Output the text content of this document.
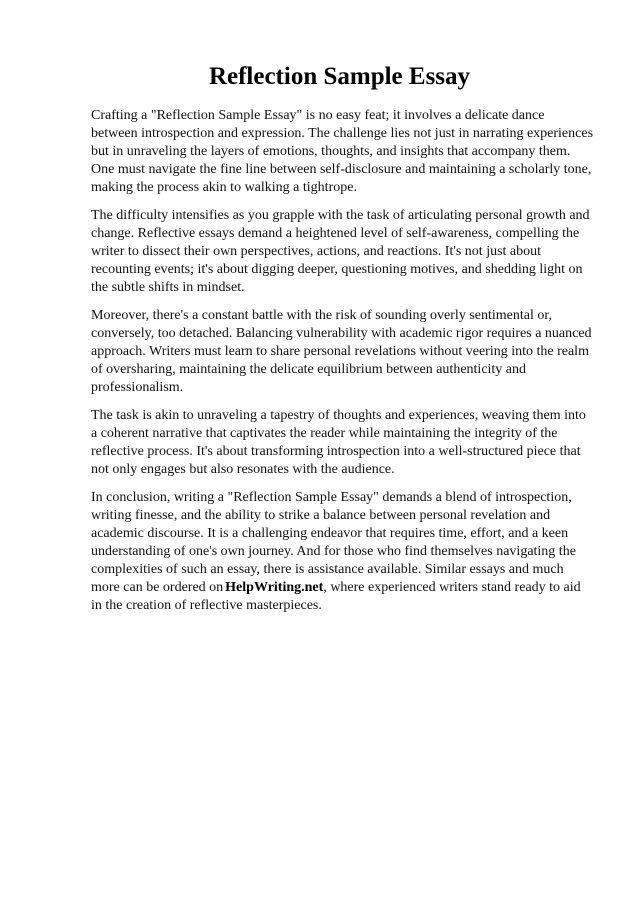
Reflection Sample Essay

Crafting a "Reflection Sample Essay" is no easy feat; it involves a delicate dance between introspection and expression. The challenge lies not just in narrating experiences but in unraveling the layers of emotions, thoughts, and insights that accompany them. One must navigate the fine line between self-disclosure and maintaining a scholarly tone, making the process akin to walking a tightrope.

The difficulty intensifies as you grapple with the task of articulating personal growth and change. Reflective essays demand a heightened level of self-awareness, compelling the writer to dissect their own perspectives, actions, and reactions. It's not just about recounting events; it's about digging deeper, questioning motives, and shedding light on the subtle shifts in mindset.

Moreover, there's a constant battle with the risk of sounding overly sentimental or, conversely, too detached. Balancing vulnerability with academic rigor requires a nuanced approach. Writers must learn to share personal revelations without veering into the realm of oversharing, maintaining the delicate equilibrium between authenticity and professionalism.

The task is akin to unraveling a tapestry of thoughts and experiences, weaving them into a coherent narrative that captivates the reader while maintaining the integrity of the reflective process. It's about transforming introspection into a well-structured piece that not only engages but also resonates with the audience.

In conclusion, writing a "Reflection Sample Essay" demands a blend of introspection, writing finesse, and the ability to strike a balance between personal revelation and academic discourse. It is a challenging endeavor that requires time, effort, and a keen understanding of one's own journey. And for those who find themselves navigating the complexities of such an essay, there is assistance available. Similar essays and much more can be ordered on HelpWriting.net, where experienced writers stand ready to aid in the creation of reflective masterpieces.
